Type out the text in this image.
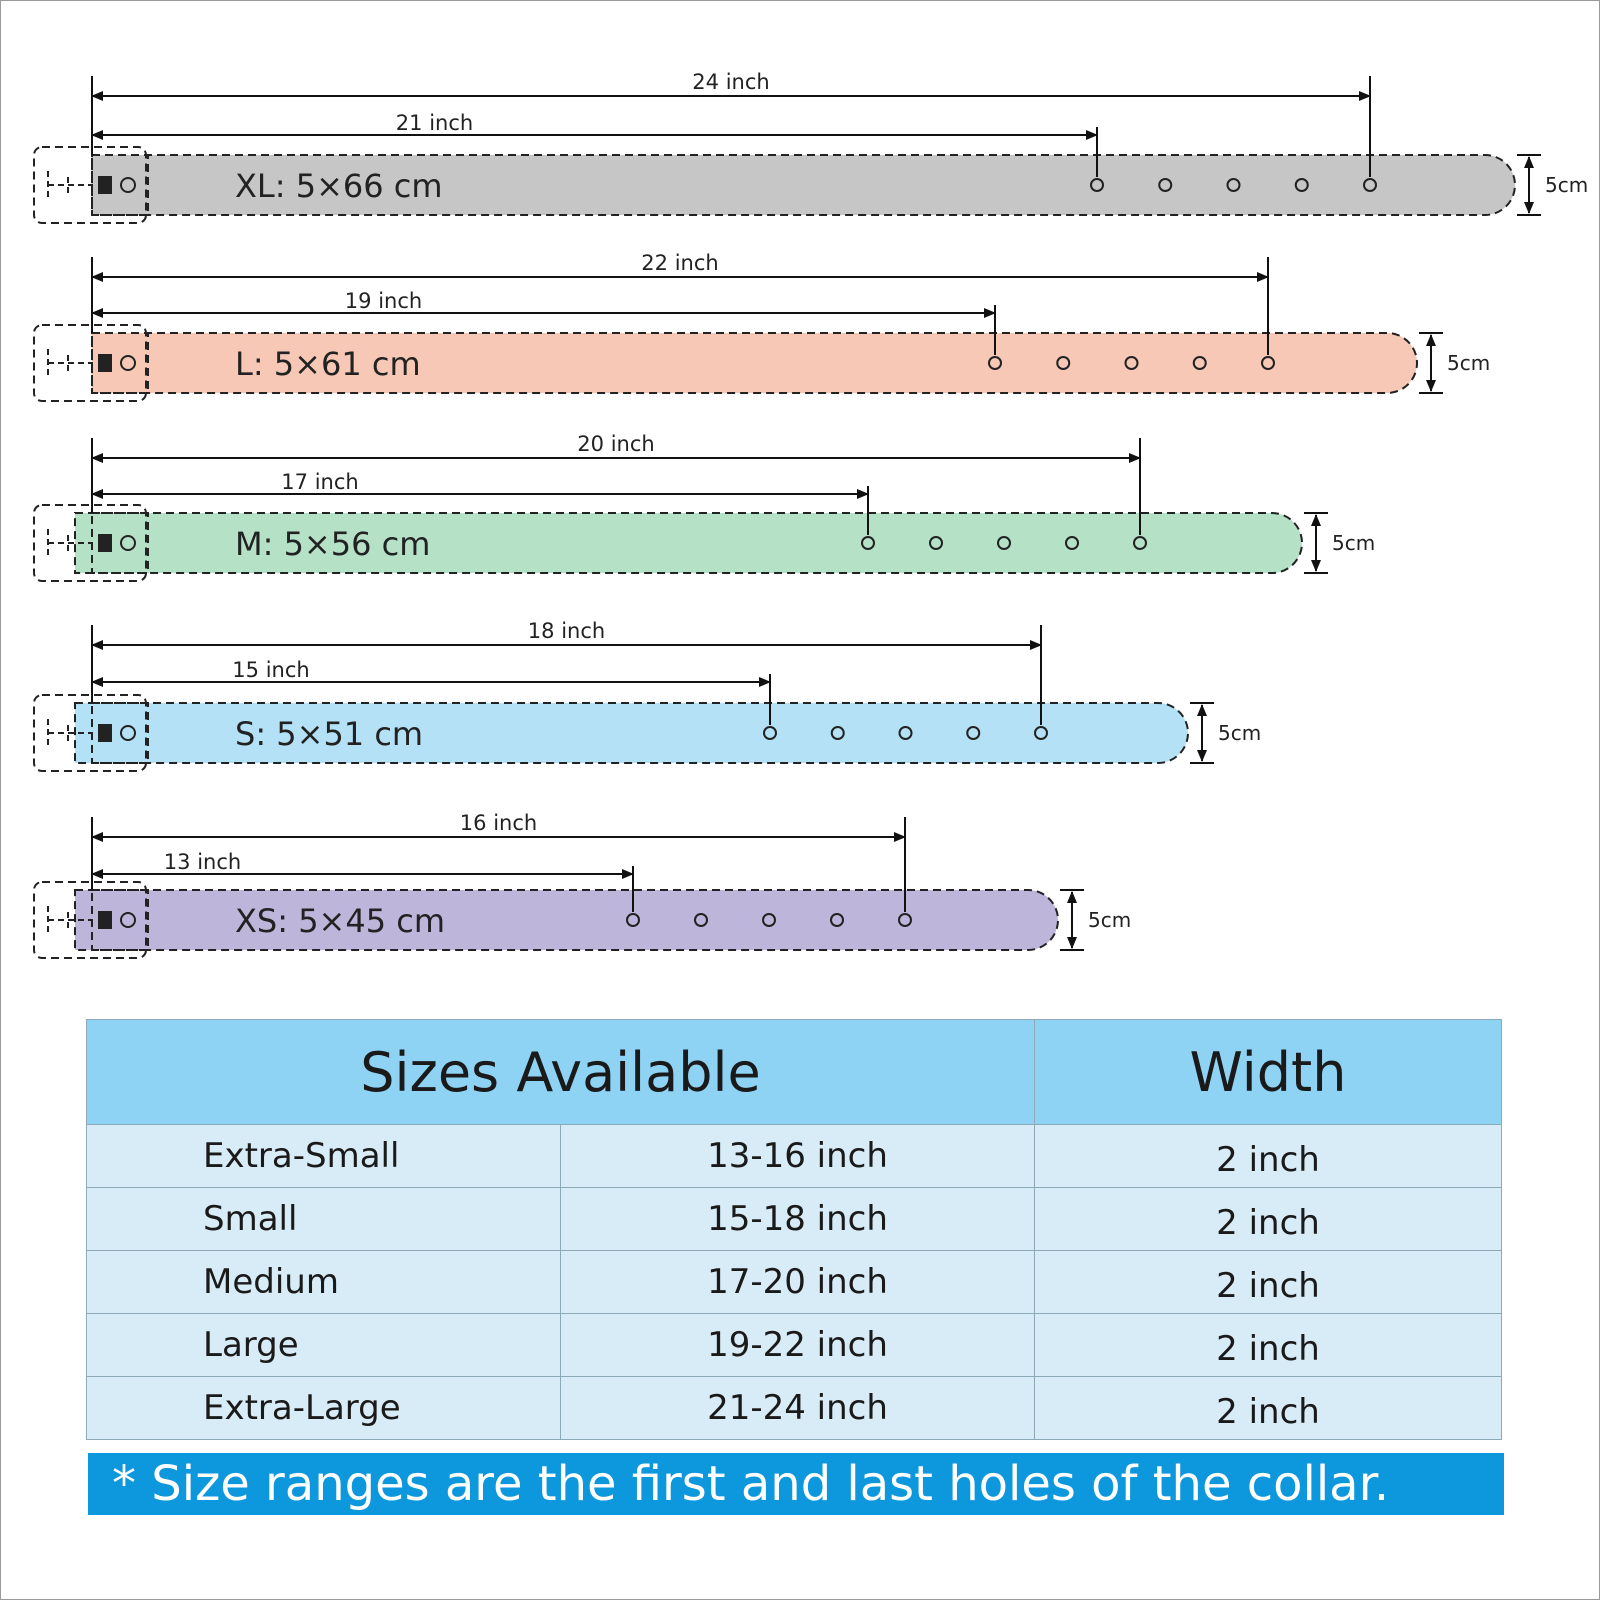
XL: 5×66 cm
24 inch
21 inch
5cm
L: 5×61 cm
22 inch
19 inch
5cm
M: 5×56 cm
20 inch
17 inch
5cm
S: 5×51 cm
18 inch
15 inch
5cm
XS: 5×45 cm
16 inch
13 inch
5cm
Sizes Available		Width
Extra-Small	13-16 inch	2 inch
Small	15-18 inch	2 inch
Medium	17-20 inch	2 inch
Large	19-22 inch	2 inch
Extra-Large	21-24 inch	2 inch
* Size ranges are the first and last holes of the collar.
